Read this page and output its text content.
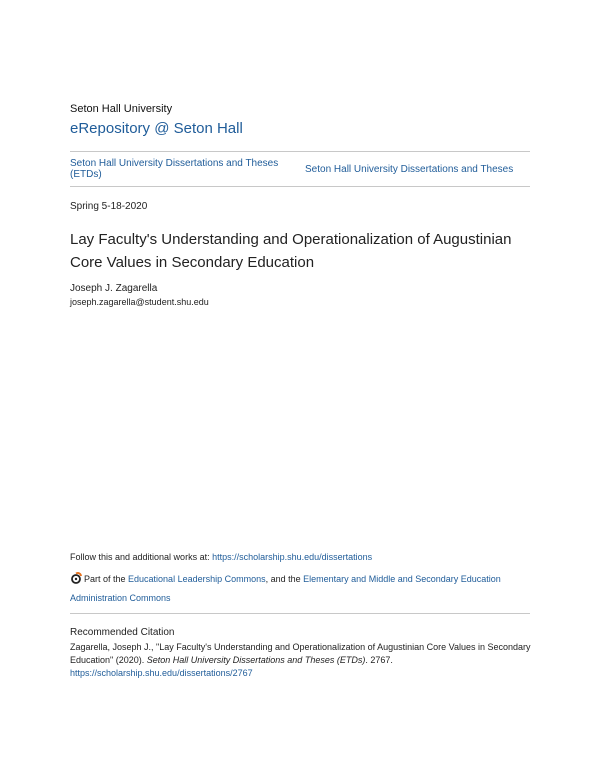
Seton Hall University
eRepository @ Seton Hall
Seton Hall University Dissertations and Theses (ETDs)	Seton Hall University Dissertations and Theses
Spring 5-18-2020
Lay Faculty's Understanding and Operationalization of Augustinian Core Values in Secondary Education
Joseph J. Zagarella
joseph.zagarella@student.shu.edu
Follow this and additional works at: https://scholarship.shu.edu/dissertations
Part of the Educational Leadership Commons, and the Elementary and Middle and Secondary Education Administration Commons
Recommended Citation
Zagarella, Joseph J., "Lay Faculty's Understanding and Operationalization of Augustinian Core Values in Secondary Education" (2020). Seton Hall University Dissertations and Theses (ETDs). 2767.
https://scholarship.shu.edu/dissertations/2767
